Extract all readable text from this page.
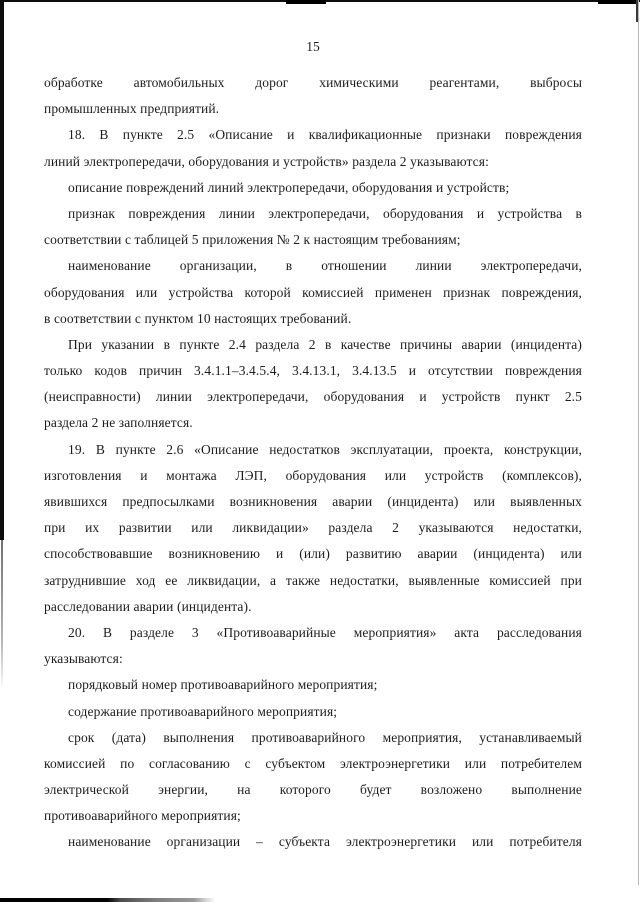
15
обработке автомобильных дорог химическими реагентами, выбросы
промышленных предприятий.
18. В пункте 2.5 «Описание и квалификационные признаки повреждения
линий электропередачи, оборудования и устройств» раздела 2 указываются:
описание повреждений линий электропередачи, оборудования и устройств;
признак повреждения линии электропередачи, оборудования и устройства в
соответствии с таблицей 5 приложения № 2 к настоящим требованиям;
наименование организации, в отношении линии электропередачи,
оборудования или устройства которой комиссией применен признак повреждения,
в соответствии с пунктом 10 настоящих требований.
При указании в пункте 2.4 раздела 2 в качестве причины аварии (инцидента)
только кодов причин 3.4.1.1–3.4.5.4, 3.4.13.1, 3.4.13.5 и отсутствии повреждения
(неисправности) линии электропередачи, оборудования и устройств пункт 2.5
раздела 2 не заполняется.
19. В пункте 2.6 «Описание недостатков эксплуатации, проекта, конструкции,
изготовления и монтажа ЛЭП, оборудования или устройств (комплексов),
явившихся предпосылками возникновения аварии (инцидента) или выявленных
при их развитии или ликвидации» раздела 2 указываются недостатки,
способствовавшие возникновению и (или) развитию аварии (инцидента) или
затруднившие ход ее ликвидации, а также недостатки, выявленные комиссией при
расследовании аварии (инцидента).
20. В разделе 3 «Противоаварийные мероприятия» акта расследования
указываются:
порядковый номер противоаварийного мероприятия;
содержание противоаварийного мероприятия;
срок (дата) выполнения противоаварийного мероприятия, устанавливаемый
комиссией по согласованию с субъектом электроэнергетики или потребителем
электрической энергии, на которого будет возложено выполнение
противоаварийного мероприятия;
наименование организации – субъекта электроэнергетики или потребителя
